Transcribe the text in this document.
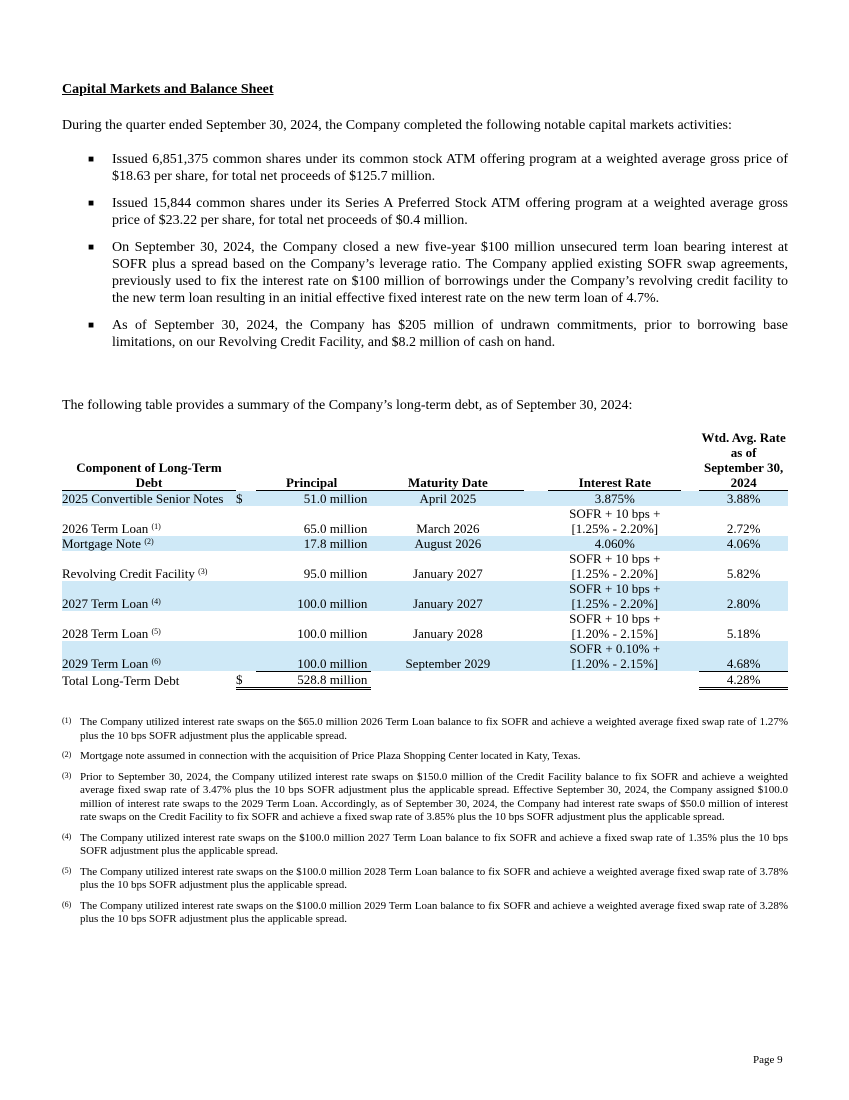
Capital Markets and Balance Sheet
During the quarter ended September 30, 2024, the Company completed the following notable capital markets activities:
■ Issued 6,851,375 common shares under its common stock ATM offering program at a weighted average gross price of $18.63 per share, for total net proceeds of $125.7 million.
■ Issued 15,844 common shares under its Series A Preferred Stock ATM offering program at a weighted average gross price of $23.22 per share, for total net proceeds of $0.4 million.
■ On September 30, 2024, the Company closed a new five-year $100 million unsecured term loan bearing interest at SOFR plus a spread based on the Company’s leverage ratio. The Company applied existing SOFR swap agreements, previously used to fix the interest rate on $100 million of borrowings under the Company’s revolving credit facility to the new term loan resulting in an initial effective fixed interest rate on the new term loan of 4.7%.
■ As of September 30, 2024, the Company has $205 million of undrawn commitments, prior to borrowing base limitations, on our Revolving Credit Facility, and $8.2 million of cash on hand.
The following table provides a summary of the Company’s long-term debt, as of September 30, 2024:
Component of Long-Term Debt		Principal	Maturity Date		Interest Rate		Wtd. Avg. Rate as of September 30, 2024
2025 Convertible Senior Notes	$	51.0 million	April 2025		3.875%		3.88%
2026 Term Loan $^{(1)}$		65.0 million	March 2026		SOFR + 10 bps +
[1.25% - 2.20%]		2.72%
Mortgage Note $^{(2)}$		17.8 million	August 2026		4.060%		4.06%
Revolving Credit Facility $^{(3)}$		95.0 million	January 2027		SOFR + 10 bps +
[1.25% - 2.20%]		5.82%
2027 Term Loan $^{(4)}$		100.0 million	January 2027		SOFR + 10 bps +
[1.25% - 2.20%]		2.80%
2028 Term Loan $^{(5)}$		100.0 million	January 2028		SOFR + 10 bps +
[1.20% - 2.15%]		5.18%
2029 Term Loan $^{(6)}$		100.0 million	September 2029		SOFR + 0.10% +
[1.20% - 2.15%]		4.68%
Total Long-Term Debt	$	528.8 million					4.28%
(1) The Company utilized interest rate swaps on the $65.0 million 2026 Term Loan balance to fix SOFR and achieve a weighted average fixed swap rate of 1.27% plus the 10 bps SOFR adjustment plus the applicable spread.
(2) Mortgage note assumed in connection with the acquisition of Price Plaza Shopping Center located in Katy, Texas.
(3) Prior to September 30, 2024, the Company utilized interest rate swaps on $150.0 million of the Credit Facility balance to fix SOFR and achieve a weighted average fixed swap rate of 3.47% plus the 10 bps SOFR adjustment plus the applicable spread. Effective September 30, 2024, the Company assigned $100.0 million of interest rate swaps to the 2029 Term Loan. Accordingly, as of September 30, 2024, the Company had interest rate swaps of $50.0 million of interest rate swaps on the Credit Facility to fix SOFR and achieve a fixed swap rate of 3.85% plus the 10 bps SOFR adjustment plus the applicable spread.
(4) The Company utilized interest rate swaps on the $100.0 million 2027 Term Loan balance to fix SOFR and achieve a fixed swap rate of 1.35% plus the 10 bps SOFR adjustment plus the applicable spread.
(5) The Company utilized interest rate swaps on the $100.0 million 2028 Term Loan balance to fix SOFR and achieve a weighted average fixed swap rate of 3.78% plus the 10 bps SOFR adjustment plus the applicable spread.
(6) The Company utilized interest rate swaps on the $100.0 million 2029 Term Loan balance to fix SOFR and achieve a weighted average fixed swap rate of 3.28% plus the 10 bps SOFR adjustment plus the applicable spread.
Page 9
